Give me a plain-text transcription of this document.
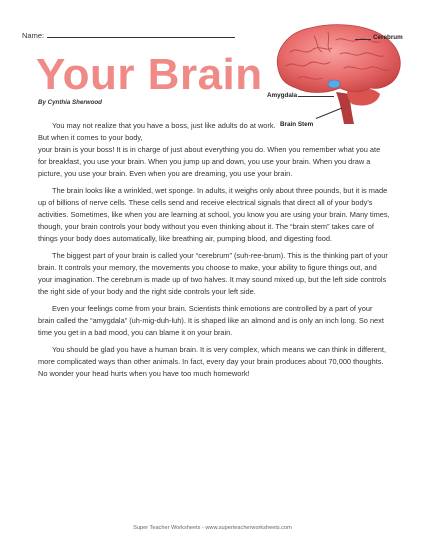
Name:
Your Brain
By Cynthia Sherwood
Cerebrum
Amygdala
Brain Stem

You may not realize that you have a boss, just like adults do at work. But when it comes to your body,

your brain is your boss! It is in charge of just about everything you do. When you remember what you ate for breakfast, you use your brain. When you jump up and down, you use your brain. When you draw a picture, you use your brain. Even when you are dreaming, you use your brain.

The brain looks like a wrinkled, wet sponge. In adults, it weighs only about three pounds, but it is made up of billions of nerve cells. These cells send and receive electrical signals that direct all of your body's activities. Sometimes, like when you are learning at school, you know you are using your brain. Many times, though, your brain controls your body without you even thinking about it. The “brain stem” takes care of things your body does automatically, like breathing air, pumping blood, and digesting food.

The biggest part of your brain is called your “cerebrum” (suh-ree-brum). This is the thinking part of your brain. It controls your memory, the movements you choose to make, your ability to figure things out, and your imagination. The cerebrum is made up of two halves. It may sound mixed up, but the left side controls the right side of your body and the right side controls your left side.

Even your feelings come from your brain. Scientists think emotions are controlled by a part of your brain called the “amygdala” (uh-mig-duh-luh). It is shaped like an almond and is only an inch long. So next time you get in a bad mood, you can blame it on your brain.

You should be glad you have a human brain. It is very complex, which means we can think in different, more complicated ways than other animals. In fact, every day your brain produces about 70,000 thoughts. No wonder your head hurts when you have too much homework!

Super Teacher Worksheets - www.superteacherworksheets.com
